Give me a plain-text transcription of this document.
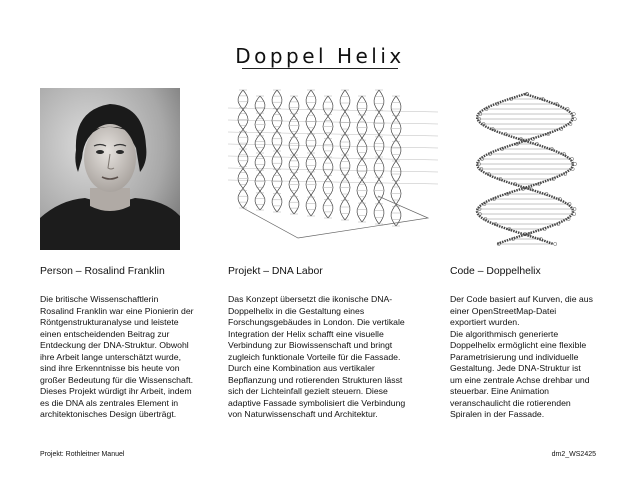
Doppel Helix
Person – Rosalind Franklin
Die britische Wissenschaftlerin
Rosalind Franklin war eine Pionierin der
Röntgenstrukturanalyse und leistete
einen entscheidenden Beitrag zur
Entdeckung der DNA-Struktur. Obwohl
ihre Arbeit lange unterschätzt wurde,
sind ihre Erkenntnisse bis heute von
großer Bedeutung für die Wissenschaft.
Dieses Projekt würdigt ihr Arbeit, indem
es die DNA als zentrales Element in
architektonisches Design überträgt.
Projekt – DNA Labor
Das Konzept übersetzt die ikonische DNA-
Doppelhelix in die Gestaltung eines
Forschungsgebäudes in London. Die vertikale
Integration der Helix schafft eine visuelle
Verbindung zur Biowissenschaft und bringt
zugleich funktionale Vorteile für die Fassade.
Durch eine Kombination aus vertikaler
Bepflanzung und rotierenden Strukturen lässt
sich der Lichteinfall gezielt steuern. Diese
adaptive Fassade symbolisiert die Verbindung
von Naturwissenschaft und Architektur.
Code – Doppelhelix
Der Code basiert auf Kurven, die aus
einer OpenStreetMap-Datei
exportiert wurden.
Die algorithmisch generierte
Doppelhelix ermöglicht eine flexible
Parametrisierung und individuelle
Gestaltung. Jede DNA-Struktur ist
um eine zentrale Achse drehbar und
steuerbar. Eine Animation
veranschaulicht die rotierenden
Spiralen in der Fassade.
Projekt: Rothleitner Manuel	dm2_WS2425
